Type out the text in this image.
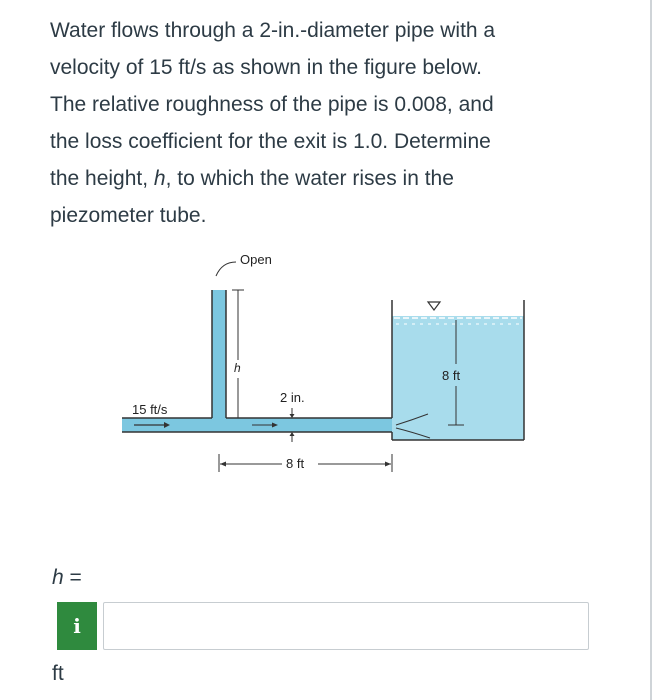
Water flows through a 2-in.-diameter pipe with a
velocity of 15 ft/s as shown in the figure below.
The relative roughness of the pipe is 0.008, and
the loss coefficient for the exit is 1.0. Determine
the height, h, to which the water rises in the
piezometer tube.
Open
h
15 ft/s
2 in.
8 ft
8 ft
h =
i
ft
